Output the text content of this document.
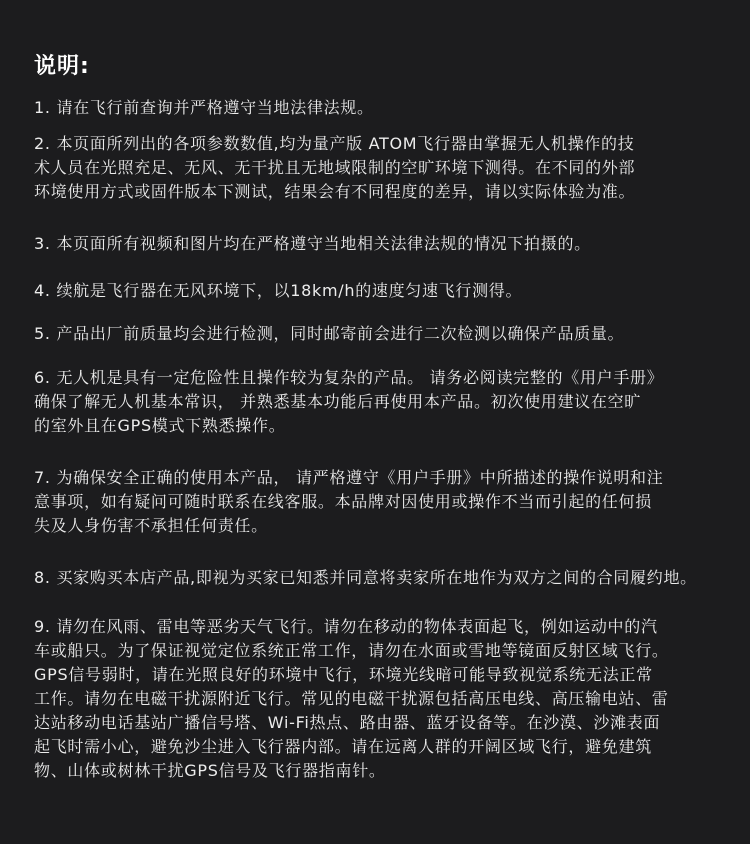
说明:
1. 请在飞行前查询并严格遵守当地法律法规。
2. 本页面所列出的各项参数数值,均为量产版 ATOM飞行器由掌握无人机操作的技
术人员在光照充足、无风、无干扰且无地域限制的空旷环境下测得。在不同的外部
环境使用方式或固件版本下测试，结果会有不同程度的差异，请以实际体验为准。
3. 本页面所有视频和图片均在严格遵守当地相关法律法规的情况下拍摄的。
4. 续航是飞行器在无风环境下，以18km/h的速度匀速飞行测得。
5. 产品出厂前质量均会进行检测，同时邮寄前会进行二次检测以确保产品质量。
6. 无人机是具有一定危险性且操作较为复杂的产品。 请务必阅读完整的《用户手册》
确保了解无人机基本常识， 并熟悉基本功能后再使用本产品。初次使用建议在空旷
的室外且在GPS模式下熟悉操作。
7. 为确保安全正确的使用本产品， 请严格遵守《用户手册》中所描述的操作说明和注
意事项，如有疑问可随时联系在线客服。本品牌对因使用或操作不当而引起的任何损
失及人身伤害不承担任何责任。
8. 买家购买本店产品,即视为买家已知悉并同意将卖家所在地作为双方之间的合同履约地。
9. 请勿在风雨、雷电等恶劣天气飞行。请勿在移动的物体表面起飞，例如运动中的汽
车或船只。为了保证视觉定位系统正常工作，请勿在水面或雪地等镜面反射区域飞行。
GPS信号弱时，请在光照良好的环境中飞行，环境光线暗可能导致视觉系统无法正常
工作。请勿在电磁干扰源附近飞行。常见的电磁干扰源包括高压电线、高压输电站、雷
达站移动电话基站广播信号塔、Wi-Fi热点、路由器、蓝牙设备等。在沙漠、沙滩表面
起飞时需小心，避免沙尘进入飞行器内部。请在远离人群的开阔区域飞行，避免建筑
物、山体或树林干扰GPS信号及飞行器指南针。
